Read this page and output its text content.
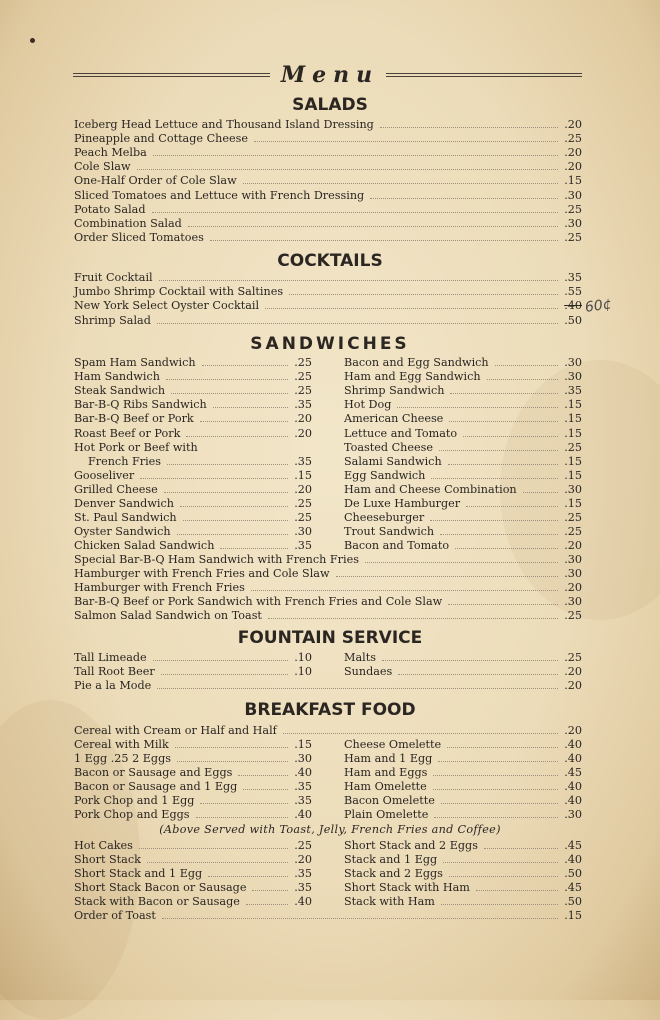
Menu
SALADS
COCKTAILS
SANDWICHES
FOUNTAIN SERVICE
BREAKFAST FOOD
Iceberg Head Lettuce and Thousand Island Dressing	.20
Pineapple and Cottage Cheese	.25
Peach Melba	.20
Cole Slaw	.20
One-Half Order of Cole Slaw	.15
Sliced Tomatoes and Lettuce with French Dressing	.30
Potato Salad	.25
Combination Salad	.30
Order Sliced Tomatoes	.25
Fruit Cocktail	.35
Jumbo Shrimp Cocktail with Saltines	.55
New York Select Oyster Cocktail	.40
Shrimp Salad	.50
Spam Ham Sandwich	.25
Ham Sandwich	.25
Steak Sandwich	.25
Bar-B-Q Ribs Sandwich	.35
Bar-B-Q Beef or Pork	.20
Roast Beef or Pork	.20
Hot Pork or Beef with
French Fries	.35
Gooseliver	.15
Grilled Cheese	.20
Denver Sandwich	.25
St. Paul Sandwich	.25
Oyster Sandwich	.30
Chicken Salad Sandwich	.35
Bacon and Egg Sandwich	.30
Ham and Egg Sandwich	.30
Shrimp Sandwich	.35
Hot Dog	.15
American Cheese	.15
Lettuce and Tomato	.15
Toasted Cheese	.25
Salami Sandwich	.15
Egg Sandwich	.15
Ham and Cheese Combination	.30
De Luxe Hamburger	.15
Cheeseburger	.25
Trout Sandwich	.25
Bacon and Tomato	.20
Special Bar-B-Q Ham Sandwich with French Fries	.30
Hamburger with French Fries and Cole Slaw	.30
Hamburger with French Fries	.20
Bar-B-Q Beef or Pork Sandwich with French Fries and Cole Slaw	.30
Salmon Salad Sandwich on Toast	.25
Tall Limeade	.10
Tall Root Beer	.10
Malts	.25
Sundaes	.20
Pie a la Mode	.20
Cereal with Cream or Half and Half	.20
Cereal with Milk	.15
1 Egg .25 2 Eggs	.30
Bacon or Sausage and Eggs	.40
Bacon or Sausage and 1 Egg	.35
Pork Chop and 1 Egg	.35
Pork Chop and Eggs	.40
Cheese Omelette	.40
Ham and 1 Egg	.40
Ham and Eggs	.45
Ham Omelette	.40
Bacon Omelette	.40
Plain Omelette	.30
Hot Cakes	.25
Short Stack	.20
Short Stack and 1 Egg	.35
Short Stack Bacon or Sausage	.35
Stack with Bacon or Sausage	.40
Short Stack and 2 Eggs	.45
Stack and 1 Egg	.40
Stack and 2 Eggs	.50
Short Stack with Ham	.45
Stack with Ham	.50
Order of Toast	.15
(Above Served with Toast, Jelly, French Fries and Coffee)
60¢
